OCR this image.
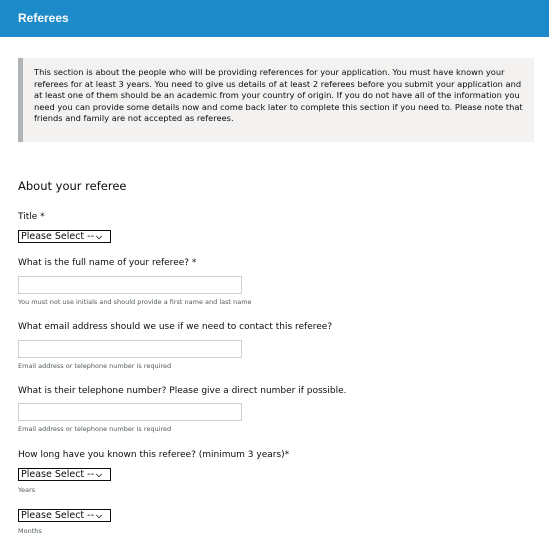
Referees
This section is about the people who will be providing references for your application. You must have known your referees for at least 3 years. You need to give us details of at least 2 referees before you submit your application and at least one of them should be an academic from your country of origin. If you do not have all of the information you need you can provide some details now and come back later to complete this section if you need to. Please note that friends and family are not accepted as referees.
About your referee
Title *
Please Select -- ⌵
What is the full name of your referee? *
You must not use initials and should provide a first name and last name
What email address should we use if we need to contact this referee?
Email address or telephone number is required
What is their telephone number? Please give a direct number if possible.
Email address or telephone number is required
How long have you known this referee? (minimum 3 years)*
Please Select -- ⌵
Years
Please Select -- ⌵
Months
